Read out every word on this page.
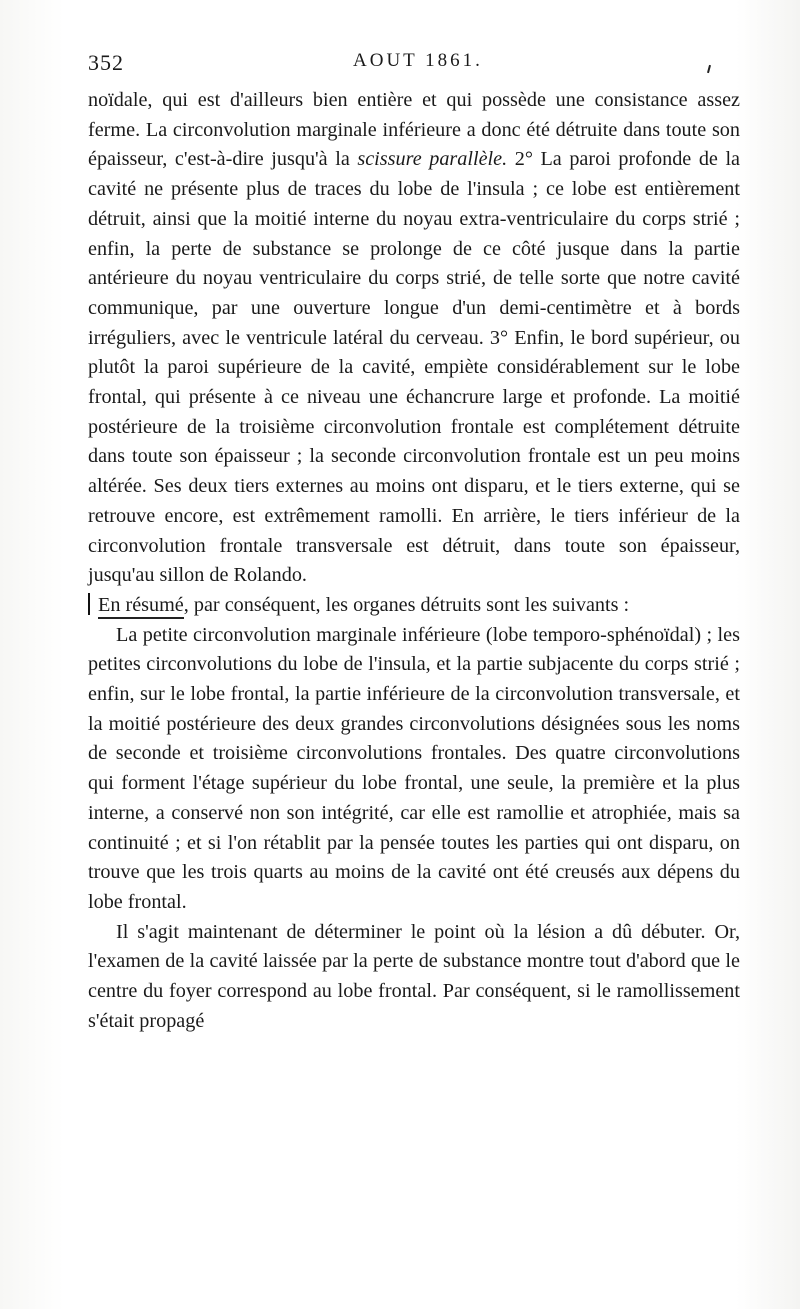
352	AOUT 1861.

noïdale, qui est d'ailleurs bien entière et qui possède une consistance assez ferme. La circonvolution marginale inférieure a donc été détruite dans toute son épaisseur, c'est-à-dire jusqu'à la scissure parallèle. 2° La paroi profonde de la cavité ne présente plus de traces du lobe de l'insula ; ce lobe est entièrement détruit, ainsi que la moitié interne du noyau extra-ventriculaire du corps strié ; enfin, la perte de substance se prolonge de ce côté jusque dans la partie antérieure du noyau ventriculaire du corps strié, de telle sorte que notre cavité communique, par une ouverture longue d'un demi-centimètre et à bords irréguliers, avec le ventricule latéral du cerveau. 3° Enfin, le bord supérieur, ou plutôt la paroi supérieure de la cavité, empiète considérablement sur le lobe frontal, qui présente à ce niveau une échancrure large et profonde. La moitié postérieure de la troisième circonvolution frontale est complétement détruite dans toute son épaisseur ; la seconde circonvolution frontale est un peu moins altérée. Ses deux tiers externes au moins ont disparu, et le tiers externe, qui se retrouve encore, est extrêmement ramolli. En arrière, le tiers inférieur de la circonvolution frontale transversale est détruit, dans toute son épaisseur, jusqu'au sillon de Rolando.

En résumé, par conséquent, les organes détruits sont les suivants :

La petite circonvolution marginale inférieure (lobe temporo-sphénoïdal) ; les petites circonvolutions du lobe de l'insula, et la partie subjacente du corps strié ; enfin, sur le lobe frontal, la partie inférieure de la circonvolution transversale, et la moitié postérieure des deux grandes circonvolutions désignées sous les noms de seconde et troisième circonvolutions frontales. Des quatre circonvolutions qui forment l'étage supérieur du lobe frontal, une seule, la première et la plus interne, a conservé non son intégrité, car elle est ramollie et atrophiée, mais sa continuité ; et si l'on rétablit par la pensée toutes les parties qui ont disparu, on trouve que les trois quarts au moins de la cavité ont été creusés aux dépens du lobe frontal.

Il s'agit maintenant de déterminer le point où la lésion a dû débuter. Or, l'examen de la cavité laissée par la perte de substance montre tout d'abord que le centre du foyer correspond au lobe frontal. Par conséquent, si le ramollissement s'était propagé
